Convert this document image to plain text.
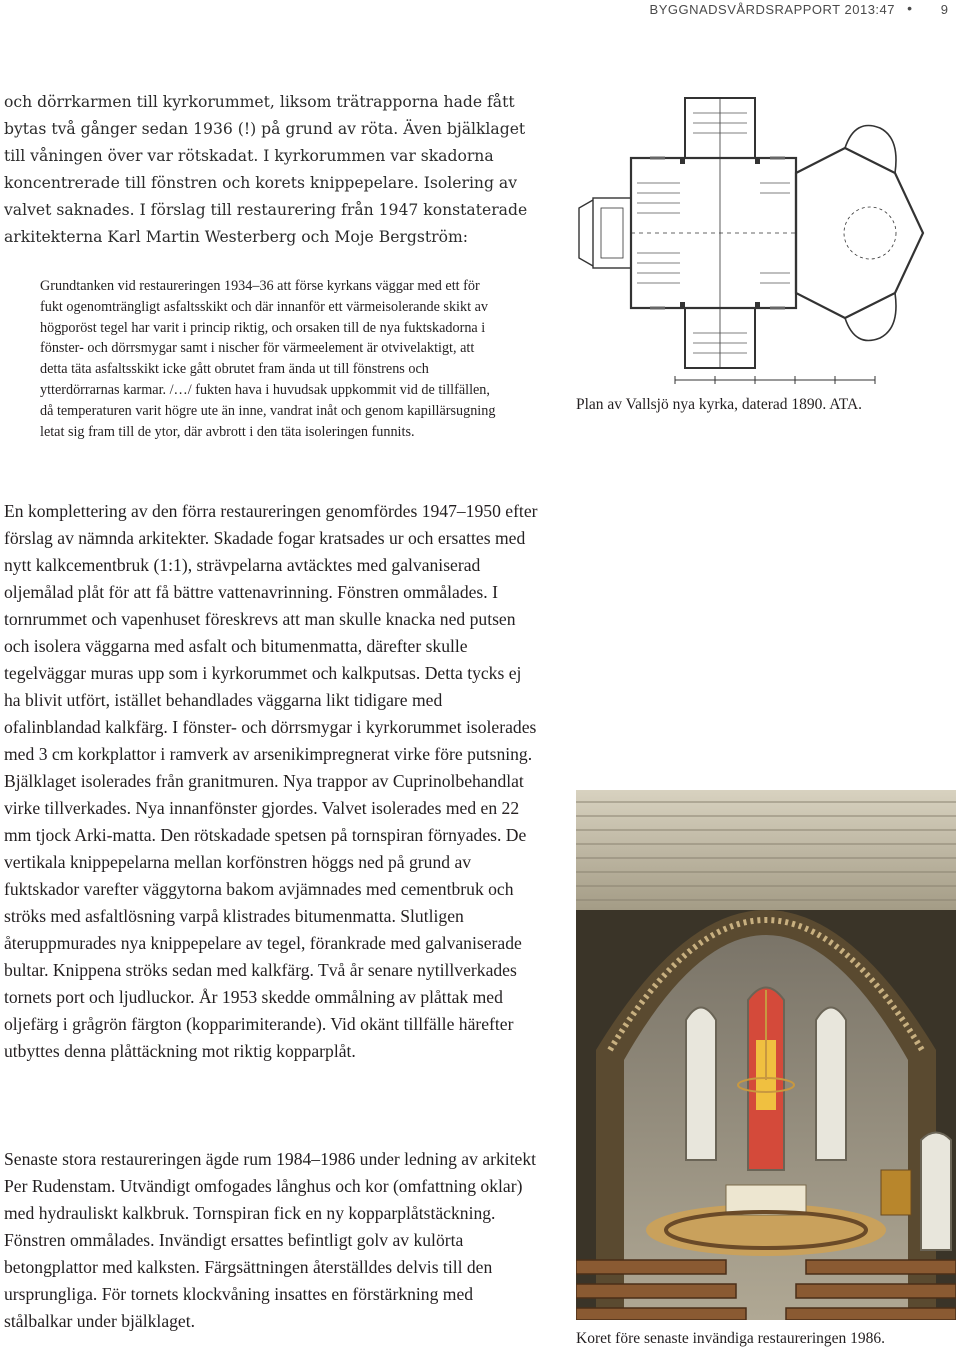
BYGGNADSVÅRDSRAPPORT 2013:47 • 9

och dörrkarmen till kyrkorummet, liksom trätrapporna hade fått bytas två gånger sedan 1936 (!) på grund av röta. Även bjälklaget till våningen över var rötskadat. I kyrkorummen var skadorna koncentrerade till fönstren och korets knippepelare. Isolering av valvet saknades. I förslag till restaurering från 1947 konstaterade arkitekterna Karl Martin Westerberg och Moje Bergström:

Grundtanken vid restaureringen 1934–36 att förse kyrkans väggar med ett för fukt ogenomträngligt asfaltsskikt och där innanför ett värmeisolerande skikt av högporöst tegel har varit i princip riktig, och orsaken till de nya fuktskadorna i fönster- och dörrsmygar samt i nischer för värmeelement är otvivelaktigt, att detta täta asfaltsskikt icke gått obrutet fram ända ut till fönstrens och ytterdörrarnas karmar. /…/ fukten hava i huvudsak uppkommit vid de tillfällen, då temperaturen varit högre ute än inne, vandrat inåt och genom kapillärsugning letat sig fram till de ytor, där avbrott i den täta isoleringen funnits.

En komplettering av den förra restaureringen genomfördes 1947–1950 efter förslag av nämnda arkitekter. Skadade fogar kratsades ur och ersattes med nytt kalkcementbruk (1:1), strävpelarna avtäcktes med galvaniserad oljemålad plåt för att få bättre vattenavrinning. Fönstren ommålades. I tornrummet och vapenhuset föreskrevs att man skulle knacka ned putsen och isolera väggarna med asfalt och bitumenmatta, därefter skulle tegelväggar muras upp som i kyrkorummet och kalkputsas. Detta tycks ej ha blivit utfört, istället behandlades väggarna likt tidigare med ofalinblandad kalkfärg. I fönster- och dörrsmygar i kyrkorummet isolerades med 3 cm korkplattor i ramverk av arsenikimpregnerat virke före putsning. Bjälklaget isolerades från granitmuren. Nya trappor av Cuprinolbehandlat virke tillverkades. Nya innanfönster gjordes. Valvet isolerades med en 22 mm tjock Arki-matta. Den rötskadade spetsen på tornspiran förnyades. De vertikala knippepelarna mellan korfönstren höggs ned på grund av fuktskador varefter väggytorna bakom avjämnades med cementbruk och ströks med asfaltlösning varpå klistrades bitumenmatta. Slutligen återuppmurades nya knippepelare av tegel, förankrade med galvaniserade bultar. Knippena ströks sedan med kalkfärg. Två år senare nytillverkades tornets port och ljudluckor. År 1953 skedde ommålning av plåttak med oljefärg i grågrön färgton (kopparimiterande). Vid okänt tillfälle härefter utbyttes denna plåttäckning mot riktig kopparplåt.

Senaste stora restaureringen ägde rum 1984–1986 under ledning av arkitekt Per Rudenstam. Utvändigt omfogades långhus och kor (omfattning oklar) med hydrauliskt kalkbruk. Tornspiran fick en ny kopparplåtstäckning. Fönstren ommålades. Invändigt ersattes befintligt golv av kulörta betongplattor med kalksten. Färgsättningen återställdes delvis till den ursprungliga. För tornets klockvåning insattes en förstärkning med stålbalkar under bjälklaget.

Plan av Vallsjö nya kyrka, daterad 1890. ATA.

Koret före senaste invändiga restaureringen 1986.
